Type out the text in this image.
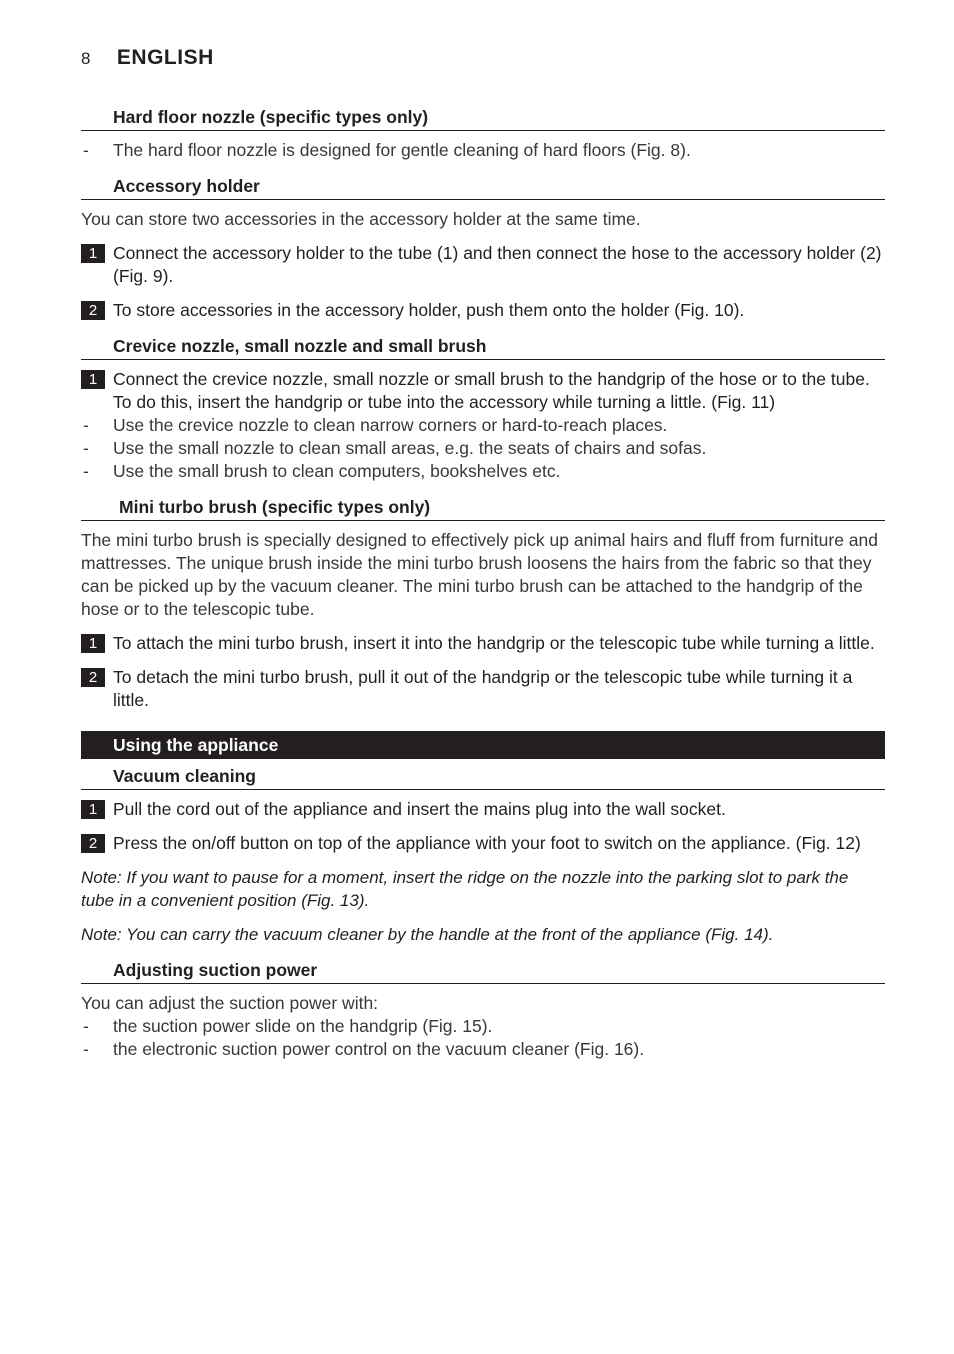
8 ENGLISH
Hard floor nozzle (specific types only)
- The hard floor nozzle is designed for gentle cleaning of hard floors (Fig. 8).
Accessory holder
You can store two accessories in the accessory holder at the same time.
1 Connect the accessory holder to the tube (1) and then connect the hose to the accessory holder (2) (Fig. 9).
2 To store accessories in the accessory holder, push them onto the holder (Fig. 10).
Crevice nozzle, small nozzle and small brush
1 Connect the crevice nozzle, small nozzle or small brush to the handgrip of the hose or to the tube. To do this, insert the handgrip or tube into the accessory while turning a little. (Fig. 11)
- Use the crevice nozzle to clean narrow corners or hard-to-reach places.
- Use the small nozzle to clean small areas, e.g. the seats of chairs and sofas.
- Use the small brush to clean computers, bookshelves etc.
Mini turbo brush (specific types only)
The mini turbo brush is specially designed to effectively pick up animal hairs and fluff from furniture and mattresses. The unique brush inside the mini turbo brush loosens the hairs from the fabric so that they can be picked up by the vacuum cleaner. The mini turbo brush can be attached to the handgrip of the hose or to the telescopic tube.
1 To attach the mini turbo brush, insert it into the handgrip or the telescopic tube while turning a little.
2 To detach the mini turbo brush, pull it out of the handgrip or the telescopic tube while turning it a little.
Using the appliance
Vacuum cleaning
1 Pull the cord out of the appliance and insert the mains plug into the wall socket.
2 Press the on/off button on top of the appliance with your foot to switch on the appliance. (Fig. 12)
Note: If you want to pause for a moment, insert the ridge on the nozzle into the parking slot to park the tube in a convenient position (Fig. 13).
Note: You can carry the vacuum cleaner by the handle at the front of the appliance (Fig. 14).
Adjusting suction power
You can adjust the suction power with:
- the suction power slide on the handgrip (Fig. 15).
- the electronic suction power control on the vacuum cleaner (Fig. 16).
